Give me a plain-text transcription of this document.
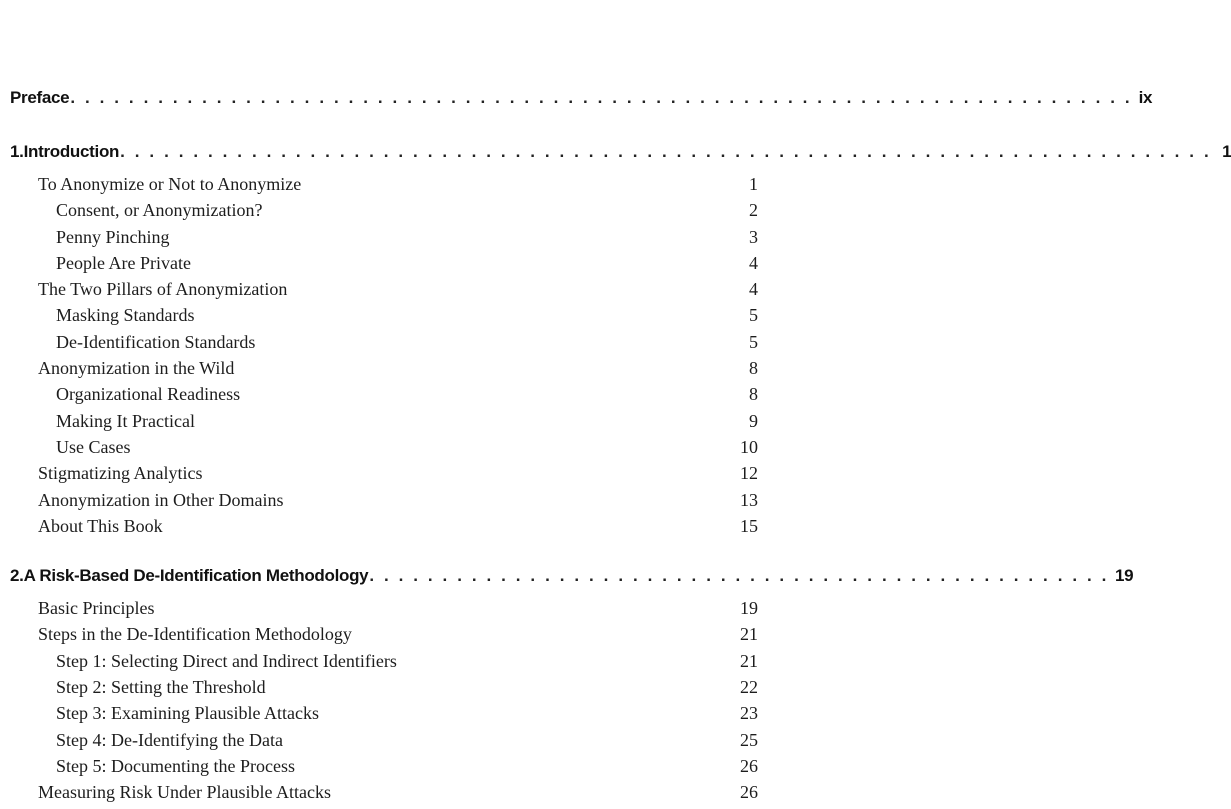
Preface . . . . . . . . . . . . . . . . . . . . . . . . . . . . . . . . . . . . . . . . . . . . . . . . . . . . . . . . . . . . . . . . . . . . . . . . . ix
1. Introduction . . . . . . . . . . . . . . . . . . . . . . . . . . . . . . . . . . . . . . . . . . . . . . . . . . . . . . . . . . . . . . . . . . . . . . . . . . . 1
To Anonymize or Not to Anonymize	1
Consent, or Anonymization?	2
Penny Pinching	3
People Are Private	4
The Two Pillars of Anonymization	4
Masking Standards	5
De-Identification Standards	5
Anonymization in the Wild	8
Organizational Readiness	8
Making It Practical	9
Use Cases	10
Stigmatizing Analytics	12
Anonymization in Other Domains	13
About This Book	15
2. A Risk-Based De-Identification Methodology . . . . . . . . . . . . . . . . . . . . . . . . . . . . . . . . . . . . . . . . . . . . . . . . . . . 19
Basic Principles	19
Steps in the De-Identification Methodology	21
Step 1: Selecting Direct and Indirect Identifiers	21
Step 2: Setting the Threshold	22
Step 3: Examining Plausible Attacks	23
Step 4: De-Identifying the Data	25
Step 5: Documenting the Process	26
Measuring Risk Under Plausible Attacks	26
